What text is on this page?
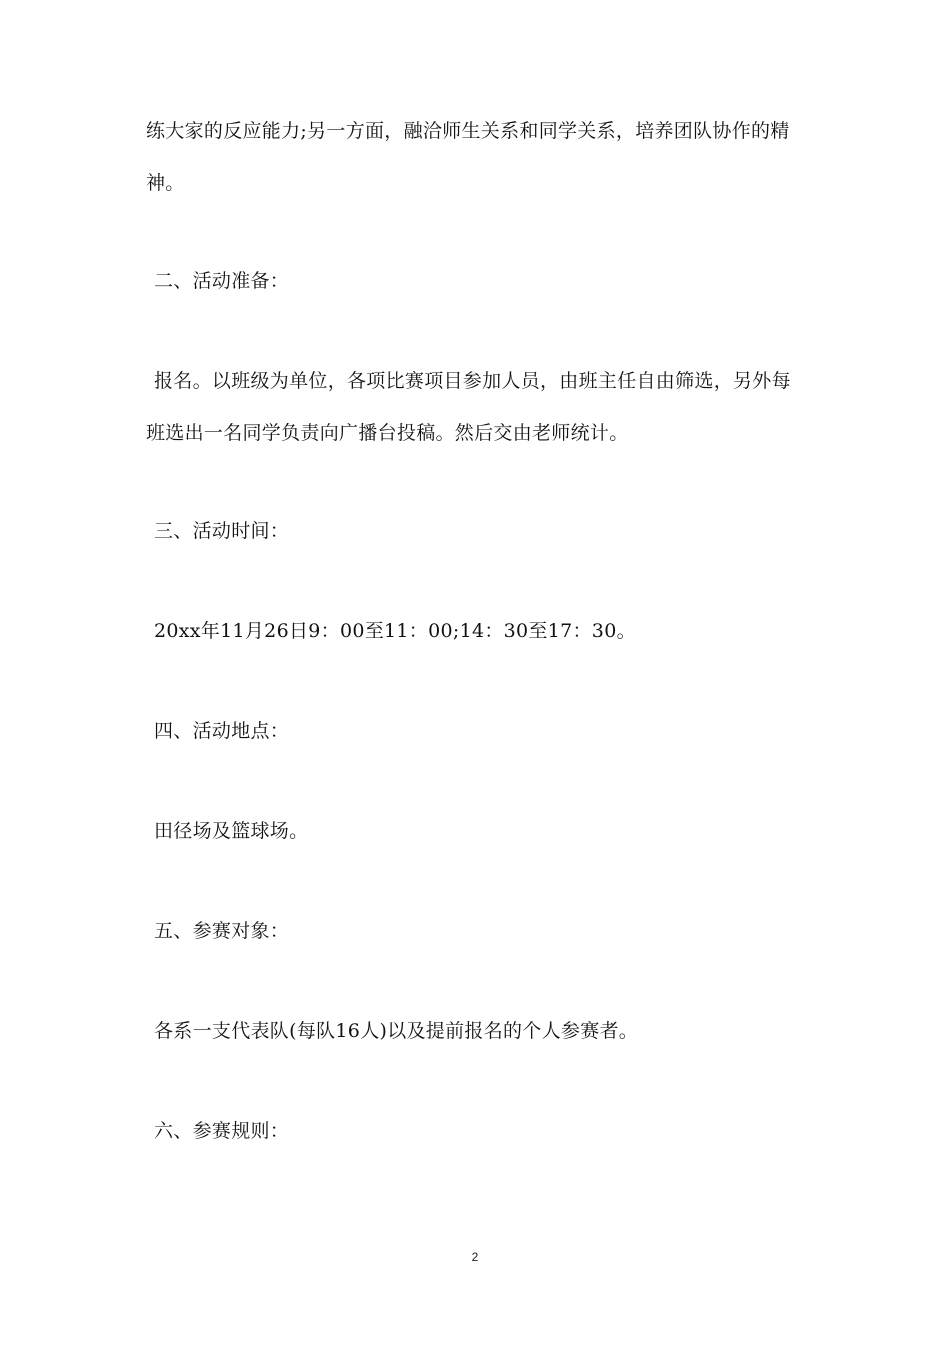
练大家的反应能力;另一方面，融洽师生关系和同学关系，培养团队协作的精
神。
二、活动准备：
报名。以班级为单位，各项比赛项目参加人员，由班主任自由筛选，另外每
班选出一名同学负责向广播台投稿。然后交由老师统计。
三、活动时间：
20xx年11月26日9：00至11：00;14：30至17：30。
四、活动地点：
田径场及篮球场。
五、参赛对象：
各系一支代表队(每队16人)以及提前报名的个人参赛者。
六、参赛规则：
2
